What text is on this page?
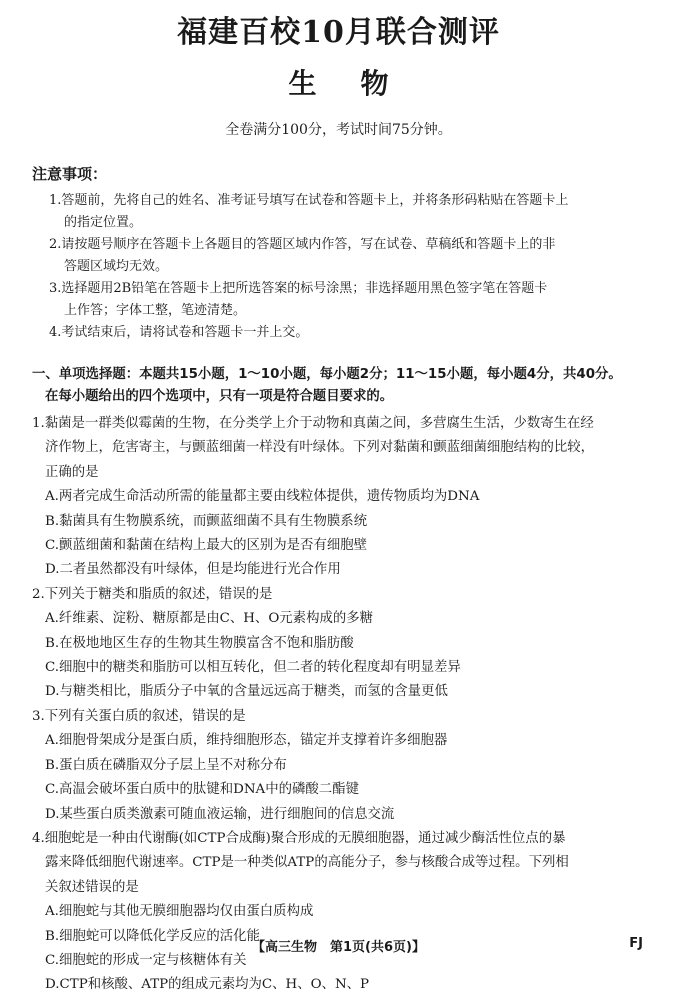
福建百校10月联合测评
生 物
全卷满分100分，考试时间75分钟。
注意事项：

1.答题前，先将自己的姓名、准考证号填写在试卷和答题卡上，并将条形码粘贴在答题卡上
的指定位置。

2.请按题号顺序在答题卡上各题目的答题区域内作答，写在试卷、草稿纸和答题卡上的非
答题区域均无效。

3.选择题用2B铅笔在答题卡上把所选答案的标号涂黑；非选择题用黑色签字笔在答题卡
上作答；字体工整，笔迹清楚。

4.考试结束后，请将试卷和答题卡一并上交。

一、单项选择题：本题共15小题，1～10小题，每小题2分；11～15小题，每小题4分，共40分。
在每小题给出的四个选项中，只有一项是符合题目要求的。

1.黏菌是一群类似霉菌的生物，在分类学上介于动物和真菌之间，多营腐生生活，少数寄生在经
济作物上，危害寄主，与颤蓝细菌一样没有叶绿体。下列对黏菌和颤蓝细菌细胞结构的比较，
正确的是

A.两者完成生命活动所需的能量都主要由线粒体提供，遗传物质均为DNA

B.黏菌具有生物膜系统，而颤蓝细菌不具有生物膜系统

C.颤蓝细菌和黏菌在结构上最大的区别为是否有细胞壁

D.二者虽然都没有叶绿体，但是均能进行光合作用

2.下列关于糖类和脂质的叙述，错误的是

A.纤维素、淀粉、糖原都是由C、H、O元素构成的多糖

B.在极地地区生存的生物其生物膜富含不饱和脂肪酸

C.细胞中的糖类和脂肪可以相互转化，但二者的转化程度却有明显差异

D.与糖类相比，脂质分子中氧的含量远远高于糖类，而氢的含量更低

3.下列有关蛋白质的叙述，错误的是

A.细胞骨架成分是蛋白质，维持细胞形态，锚定并支撑着许多细胞器

B.蛋白质在磷脂双分子层上呈不对称分布

C.高温会破坏蛋白质中的肽键和DNA中的磷酸二酯键

D.某些蛋白质类激素可随血液运输，进行细胞间的信息交流

4.细胞蛇是一种由代谢酶(如CTP合成酶)聚合形成的无膜细胞器，通过减少酶活性位点的暴
露来降低细胞代谢速率。CTP是一种类似ATP的高能分子，参与核酸合成等过程。下列相
关叙述错误的是

A.细胞蛇与其他无膜细胞器均仅由蛋白质构成

B.细胞蛇可以降低化学反应的活化能

C.细胞蛇的形成一定与核糖体有关

D.CTP和核酸、ATP的组成元素均为C、H、O、N、P

【高三生物　第1页(共6页)】	FJ
